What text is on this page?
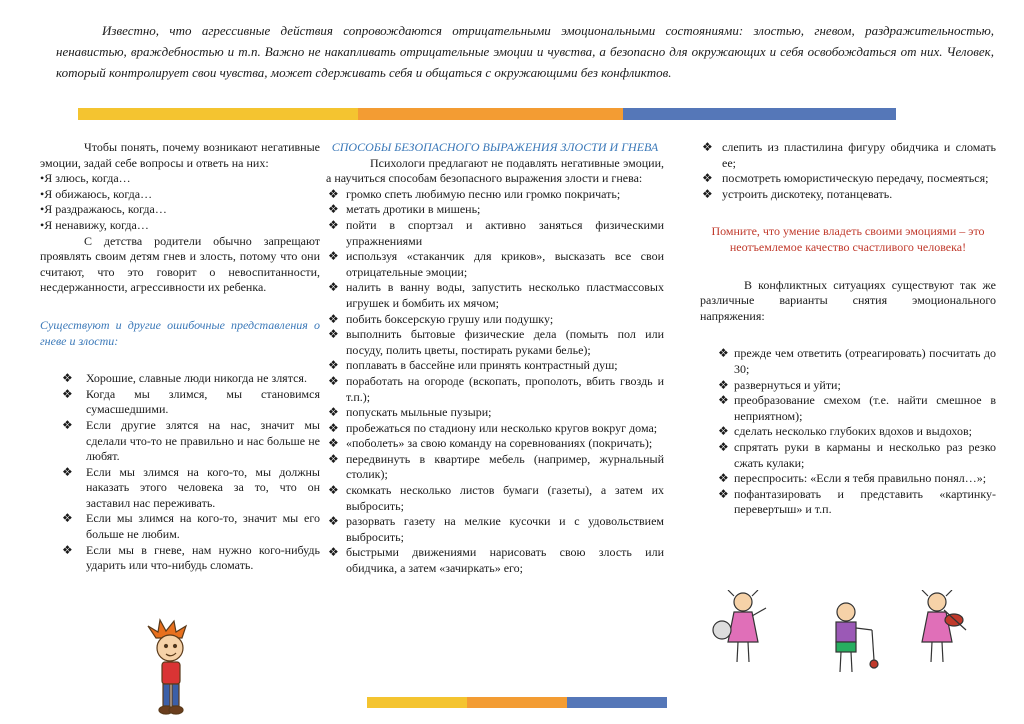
Известно, что агрессивные действия сопровождаются отрицательными эмоциональными состояниями: злостью, гневом, раздражительностью, ненавистью, враждебностью и т.п. Важно не накапливать отрицательные эмоции и чувства, а безопасно для окружающих и себя освобождаться от них. Человек, который контролирует свои чувства, может сдерживать себя и общаться с окружающими без конфликтов.

Чтобы понять, почему возникают негативные эмоции, задай себе вопросы и ответь на них:

•Я злюсь, когда…

•Я обижаюсь, когда…

•Я раздражаюсь, когда…

•Я ненавижу, когда…

С детства родители обычно запрещают проявлять своим детям гнев и злость, потому что они считают, что это говорит о невоспитанности, несдержанности, агрессивности их ребенка.

Существуют и другие ошибочные представления о гневе и злости:

❖ Хорошие, славные люди никогда не злятся.
❖ Когда мы злимся, мы становимся сумасшедшими.
❖ Если другие злятся на нас, значит мы сделали что-то не правильно и нас больше не любят.
❖ Если мы злимся на кого-то, мы должны наказать этого человека за то, что он заставил нас переживать.
❖ Если мы злимся на кого-то, значит мы его больше не любим.
❖ Если мы в гневе, нам нужно кого-нибудь ударить или что-нибудь сломать.

СПОСОБЫ БЕЗОПАСНОГО ВЫРАЖЕНИЯ ЗЛОСТИ И ГНЕВА

Психологи предлагают не подавлять негативные эмоции, а научиться способам безопасного выражения злости и гнева:

❖ громко спеть любимую песню или громко покричать;
❖ метать дротики в мишень;
❖ пойти в спортзал и активно заняться физическими упражнениями
❖ используя «стаканчик для криков», высказать все свои отрицательные эмоции;
❖ налить в ванну воды, запустить несколько пластмассовых игрушек и бомбить их мячом;
❖ побить боксерскую грушу или подушку;
❖ выполнить бытовые физические дела (помыть пол или посуду, полить цветы, постирать руками белье);
❖ поплавать в бассейне или принять контрастный душ;
❖ поработать на огороде (вскопать, прополоть, вбить гвоздь и т.п.);
❖ попускать мыльные пузыри;
❖ пробежаться по стадиону или несколько кругов вокруг дома;
❖ «поболеть» за свою команду на соревнованиях (покричать);
❖ передвинуть в квартире мебель (например, журнальный столик);
❖ скомкать несколько листов бумаги (газеты), а затем их выбросить;
❖ разорвать газету на мелкие кусочки и с удовольствием выбросить;
❖ быстрыми движениями нарисовать свою злость или обидчика, а затем «зачиркать» его;
❖ слепить из пластилина фигуру обидчика и сломать ее;
❖ посмотреть юмористическую передачу, посмеяться;
❖ устроить дискотеку, потанцевать.

Помните, что умение владеть своими эмоциями – это неотъемлемое качество счастливого человека!

В конфликтных ситуациях существуют так же различные варианты снятия эмоционального напряжения:

❖ прежде чем ответить (отреагировать) посчитать до 30;
❖ развернуться и уйти;
❖ преобразование смехом (т.е. найти смешное в неприятном);
❖ сделать несколько глубоких вдохов и выдохов;
❖ спрятать руки в карманы и несколько раз резко сжать кулаки;
❖ переспросить: «Если я тебя правильно понял…»;
❖ пофантазировать и представить «картинку-перевертыш» и т.п.
